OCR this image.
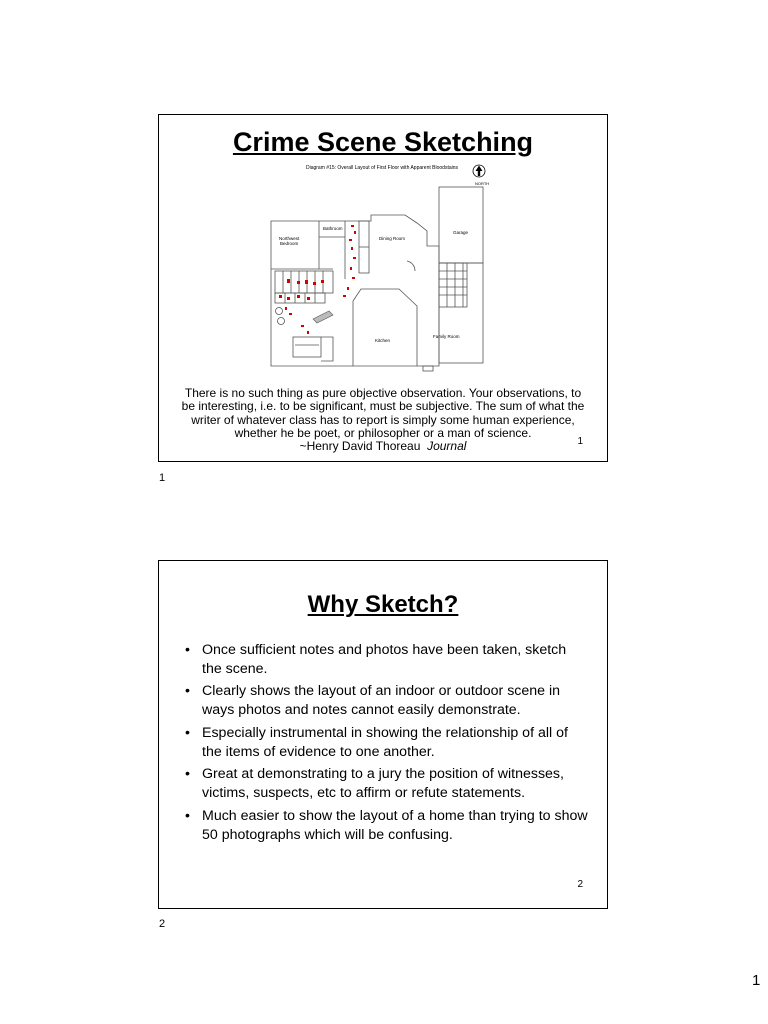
Crime Scene Sketching
Diagram #15: Overall Layout of First Floor with Apparent Bloodstains
NORTH
Bathroom
Northwest
Bedroom
Dining Room
Garage
Kitchen
Family Room
There is no such thing as pure objective observation. Your observations, to
be interesting, i.e. to be significant, must be subjective. The sum of what the
writer of whatever class has to report is simply some human experience,
whether he be poet, or philosopher or a man of science.
~Henry David Thoreau Journal	1
1
Why Sketch?
• Once sufficient notes and photos have been taken, sketch the scene.
• Clearly shows the layout of an indoor or outdoor scene in ways photos and notes cannot easily demonstrate.
• Especially instrumental in showing the relationship of all of the items of evidence to one another.
• Great at demonstrating to a jury the position of witnesses, victims, suspects, etc to affirm or refute statements.
• Much easier to show the layout of a home than trying to show 50 photographs which will be confusing.
2
2
1
